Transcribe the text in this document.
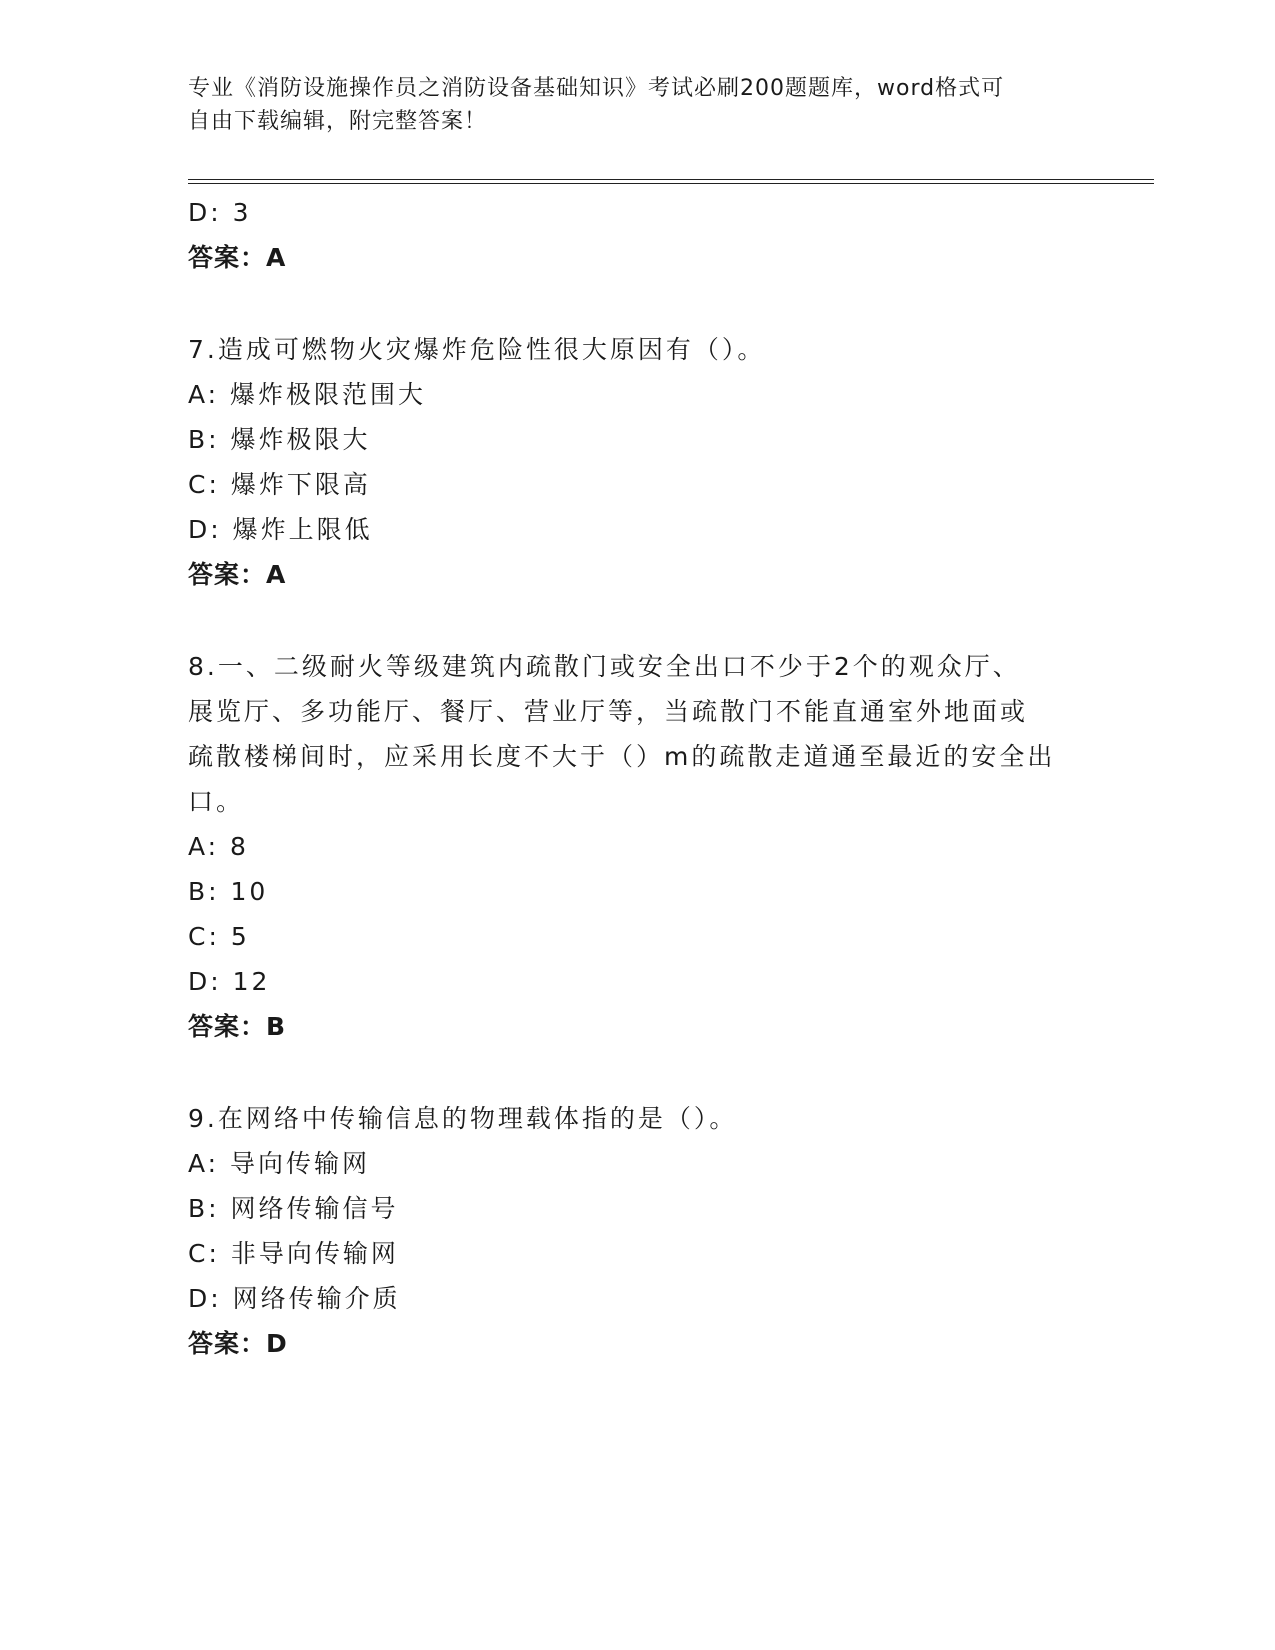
专业《消防设施操作员之消防设备基础知识》考试必刷200题题库，word格式可
自由下载编辑，附完整答案！
D: 3
答案：A
7.造成可燃物火灾爆炸危险性很大原因有（）。
A: 爆炸极限范围大
B: 爆炸极限大
C: 爆炸下限高
D: 爆炸上限低
答案：A
8.一、二级耐火等级建筑内疏散门或安全出口不少于2个的观众厅、
展览厅、多功能厅、餐厅、营业厅等，当疏散门不能直通室外地面或
疏散楼梯间时，应采用长度不大于（）m的疏散走道通至最近的安全出
口。
A: 8
B: 10
C: 5
D: 12
答案：B
9.在网络中传输信息的物理载体指的是（）。
A: 导向传输网
B: 网络传输信号
C: 非导向传输网
D: 网络传输介质
答案：D
